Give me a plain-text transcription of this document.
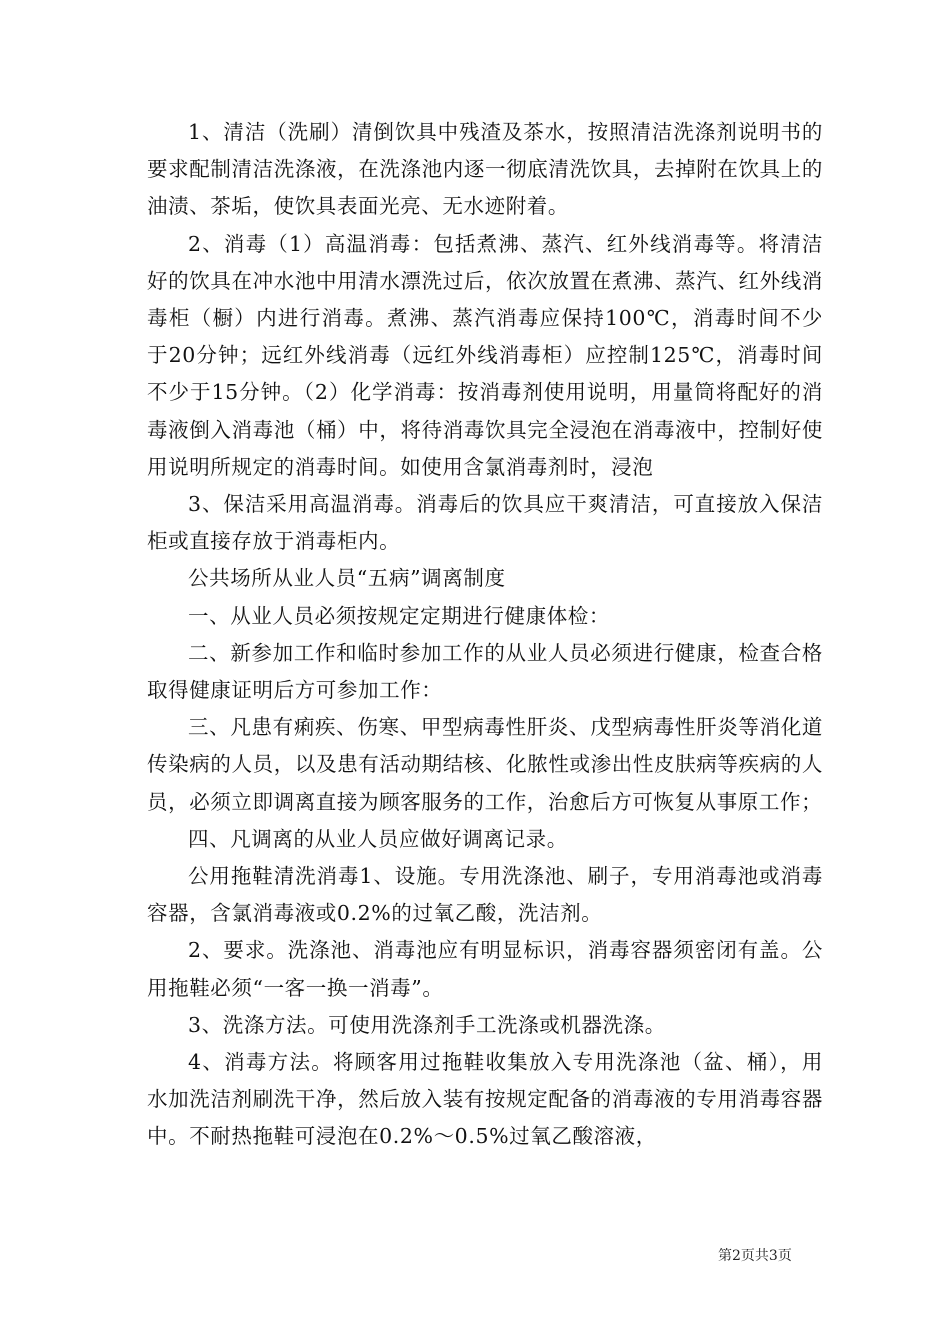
1、清洁（洗刷）清倒饮具中残渣及茶水，按照清洁洗涤剂说明书的要求配制清洁洗涤液，在洗涤池内逐一彻底清洗饮具，去掉附在饮具上的油渍、茶垢，使饮具表面光亮、无水迹附着。

2、消毒（1）高温消毒：包括煮沸、蒸汽、红外线消毒等。将清洁好的饮具在冲水池中用清水漂洗过后，依次放置在煮沸、蒸汽、红外线消毒柜（橱）内进行消毒。煮沸、蒸汽消毒应保持100℃，消毒时间不少于20分钟；远红外线消毒（远红外线消毒柜）应控制125℃，消毒时间不少于15分钟。（2）化学消毒：按消毒剂使用说明，用量筒将配好的消毒液倒入消毒池（桶）中，将待消毒饮具完全浸泡在消毒液中，控制好使用说明所规定的消毒时间。如使用含氯消毒剂时，浸泡

3、保洁采用高温消毒。消毒后的饮具应干爽清洁，可直接放入保洁柜或直接存放于消毒柜内。

公共场所从业人员“五病”调离制度

一、从业人员必须按规定定期进行健康体检：

二、新参加工作和临时参加工作的从业人员必须进行健康，检查合格取得健康证明后方可参加工作：

三、凡患有痢疾、伤寒、甲型病毒性肝炎、戊型病毒性肝炎等消化道传染病的人员，以及患有活动期结核、化脓性或渗出性皮肤病等疾病的人员，必须立即调离直接为顾客服务的工作，治愈后方可恢复从事原工作；

四、凡调离的从业人员应做好调离记录。

公用拖鞋清洗消毒1、设施。专用洗涤池、刷子，专用消毒池或消毒容器，含氯消毒液或0.2%的过氧乙酸，洗洁剂。

2、要求。洗涤池、消毒池应有明显标识，消毒容器须密闭有盖。公用拖鞋必须“一客一换一消毒”。

3、洗涤方法。可使用洗涤剂手工洗涤或机器洗涤。

4、消毒方法。将顾客用过拖鞋收集放入专用洗涤池（盆、桶），用水加洗洁剂刷洗干净，然后放入装有按规定配备的消毒液的专用消毒容器中。不耐热拖鞋可浸泡在0.2%～0.5%过氧乙酸溶液，

第2页共3页
